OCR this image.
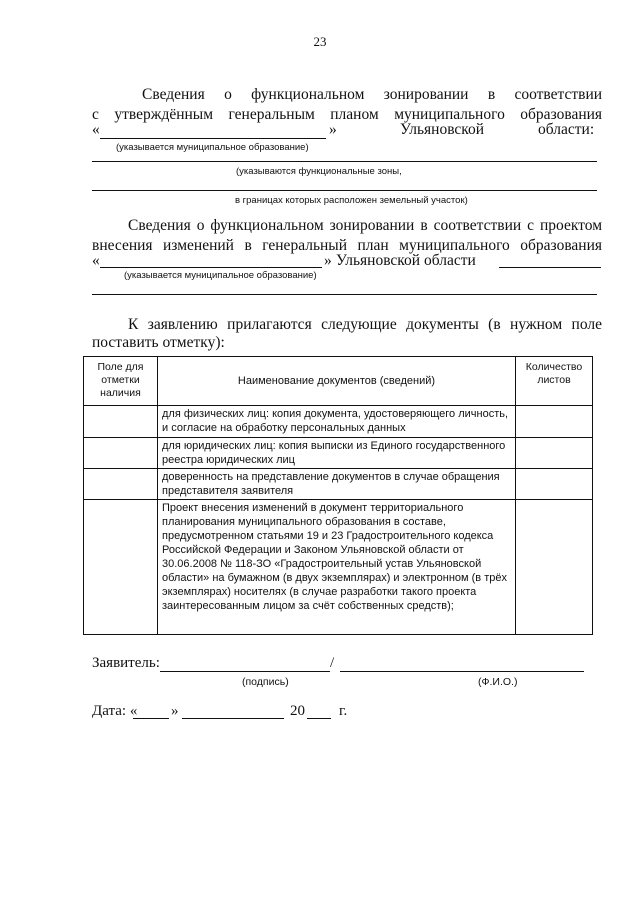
23
Сведения о функциональном зонировании в соответствии
с утверждённым генеральным планом муниципального образования
«	»	Ульяновской	области:
(указывается муниципальное образование)
(указываются функциональные зоны,
в границах которых расположен земельный участок)
Сведения о функциональном зонировании в соответствии с проектом
внесения изменений в генеральный план муниципального образования
«	» Ульяновской области
(указывается муниципальное образование)
К заявлению прилагаются следующие документы (в нужном поле
поставить отметку):
Поле для отметки наличия	Наименование документов (сведений)	Количество листов
	для физических лиц: копия документа, удостоверяющего личность, и согласие на обработку персональных данных	
	для юридических лиц: копия выписки из Единого государственного реестра юридических лиц	
	доверенность на представление документов в случае обращения представителя заявителя	
	Проект внесения изменений в документ территориального планирования муниципального образования в составе, предусмотренном статьями 19 и 23 Градостроительного кодекса Российской Федерации и Законом Ульяновской области от 30.06.2008 № 118-ЗО «Градостроительный устав Ульяновской области» на бумажном (в двух экземплярах) и электронном (в трёх экземплярах) носителях (в случае разработки такого проекта заинтересованным лицом за счёт собственных средств);	
Заявитель:	/
(подпись)	(Ф.И.О.)
Дата: « »	20 г.
